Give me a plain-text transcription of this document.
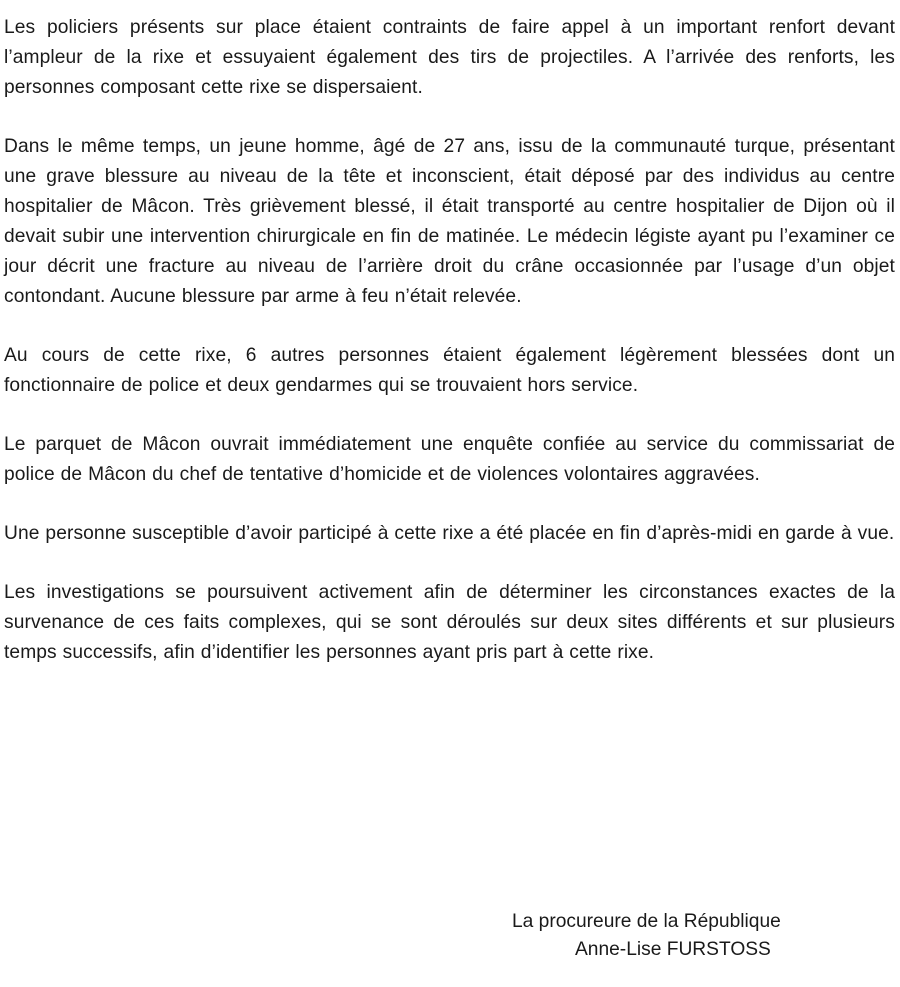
Les policiers présents sur place étaient contraints de faire appel à un important renfort devant l’ampleur de la rixe et essuyaient également des tirs de projectiles. A l’arrivée des renforts, les personnes composant cette rixe se dispersaient.

Dans le même temps, un jeune homme, âgé de 27 ans, issu de la communauté turque, présentant une grave blessure au niveau de la tête et inconscient, était déposé par des individus au centre hospitalier de Mâcon. Très grièvement blessé, il était transporté au centre hospitalier de Dijon où il devait subir une intervention chirurgicale en fin de matinée. Le médecin légiste ayant pu l’examiner ce jour décrit une fracture au niveau de l’arrière droit du crâne occasionnée par l’usage d’un objet contondant. Aucune blessure par arme à feu n’était relevée.

Au cours de cette rixe, 6 autres personnes étaient également légèrement blessées dont un fonctionnaire de police et deux gendarmes qui se trouvaient hors service.

Le parquet de Mâcon ouvrait immédiatement une enquête confiée au service du commissariat de police de Mâcon du chef de tentative d’homicide et de violences volontaires aggravées.

Une personne susceptible d’avoir participé à cette rixe a été placée en fin d’après-midi en garde à vue.

Les investigations se poursuivent activement afin de déterminer les circonstances exactes de la survenance de ces faits complexes, qui se sont déroulés sur deux sites différents et sur plusieurs temps successifs, afin d’identifier les personnes ayant pris part à cette rixe.

La procureure de la République
Anne-Lise FURSTOSS
